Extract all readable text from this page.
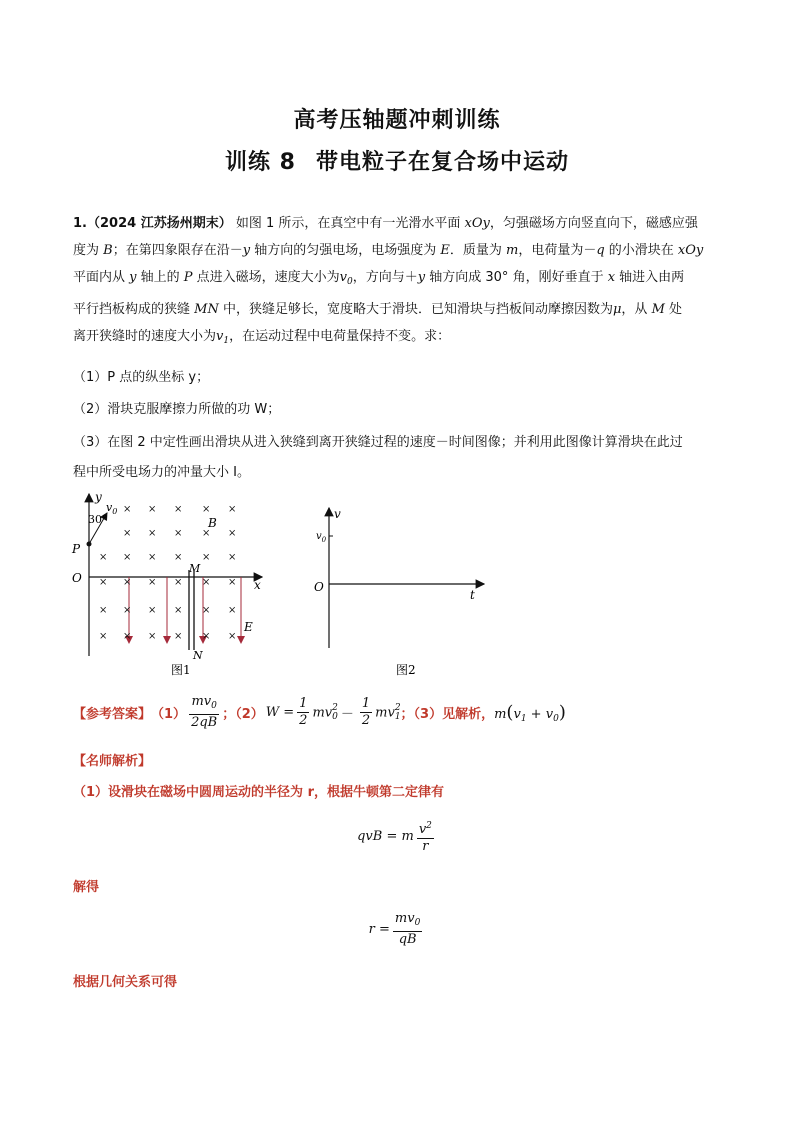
高考压轴题冲刺训练
训练 8 带电粒子在复合场中运动
1.（2024 江苏扬州期末） 如图 1 所示，在真空中有一光滑水平面 xOy，匀强磁场方向竖直向下，磁感应强
度为 B；在第四象限存在沿－y 轴方向的匀强电场，电场强度为 E．质量为 m，电荷量为－q 的小滑块在 xOy
平面内从 y 轴上的 P 点进入磁场，速度大小为$v_0$，方向与＋y 轴方向成 30° 角，刚好垂直于 x 轴进入由两
平行挡板构成的狭缝 MN 中，狭缝足够长，宽度略大于滑块．已知滑块与挡板间动摩擦因数为μ，从 M 处
离开狭缝时的速度大小为$v_1$，在运动过程中电荷量保持不变。求：
（1）P 点的纵坐标 y；
（2）滑块克服摩擦力所做的功 W；
（3）在图 2 中定性画出滑块从进入狭缝到离开狭缝过程的速度－时间图像；并利用此图像计算滑块在此过
程中所受电场力的冲量大小 I。
y
x
O
P
$v_0$
30°
M
N
B
E
× × × × ×
× × × × ×
× × × × × ×
× × × × × ×
× × × × × ×
× × × × × ×
图1
v
$v_0$
O
t
图2
【参考答案】 $(1) \frac{mv_0}{2qB}$ ；（2） $W = \frac{1}{2}$ mv 2
$0 - \frac{1}{2}$ mv 2
1 ；（3）见解析， $m(v_1 + v_0)$
【名师解析】
（1）设滑块在磁场中圆周运动的半径为 r，根据牛顿第二定律有
qvB = m $\frac{v^2}{r}$
解得
$r = \frac{mv_0}{qB}$
根据几何关系可得
